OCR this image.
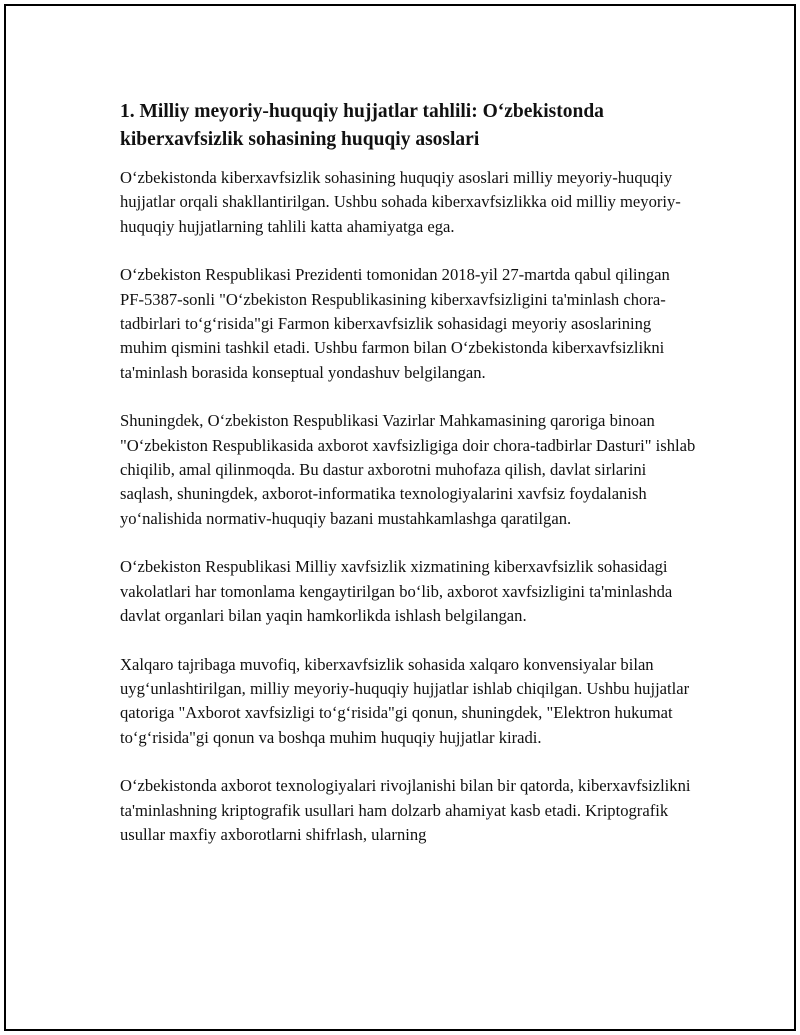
1. Milliy meyoriy-huquqiy hujjatlar tahlili: O‘zbekistonda kiberxavfsizlik sohasining huquqiy asoslari

O‘zbekistonda kiberxavfsizlik sohasining huquqiy asoslari milliy meyoriy-huquqiy hujjatlar orqali shakllantirilgan. Ushbu sohada kiberxavfsizlikka oid milliy meyoriy-huquqiy hujjatlarning tahlili katta ahamiyatga ega.

O‘zbekiston Respublikasi Prezidenti tomonidan 2018-yil 27-martda qabul qilingan PF-5387-sonli "O‘zbekiston Respublikasining kiberxavfsizligini ta'minlash chora-tadbirlari to‘g‘risida"gi Farmon kiberxavfsizlik sohasidagi meyoriy asoslarining muhim qismini tashkil etadi. Ushbu farmon bilan O‘zbekistonda kiberxavfsizlikni ta'minlash borasida konseptual yondashuv belgilangan.

Shuningdek, O‘zbekiston Respublikasi Vazirlar Mahkamasining qaroriga binoan "O‘zbekiston Respublikasida axborot xavfsizligiga doir chora-tadbirlar Dasturi" ishlab chiqilib, amal qilinmoqda. Bu dastur axborotni muhofaza qilish, davlat sirlarini saqlash, shuningdek, axborot-informatika texnologiyalarini xavfsiz foydalanish yo‘nalishida normativ-huquqiy bazani mustahkamlashga qaratilgan.

O‘zbekiston Respublikasi Milliy xavfsizlik xizmatining kiberxavfsizlik sohasidagi vakolatlari har tomonlama kengaytirilgan bo‘lib, axborot xavfsizligini ta'minlashda davlat organlari bilan yaqin hamkorlikda ishlash belgilangan.

Xalqaro tajribaga muvofiq, kiberxavfsizlik sohasida xalqaro konvensiyalar bilan uyg‘unlashtirilgan, milliy meyoriy-huquqiy hujjatlar ishlab chiqilgan. Ushbu hujjatlar qatoriga "Axborot xavfsizligi to‘g‘risida"gi qonun, shuningdek, "Elektron hukumat to‘g‘risida"gi qonun va boshqa muhim huquqiy hujjatlar kiradi.

O‘zbekistonda axborot texnologiyalari rivojlanishi bilan bir qatorda, kiberxavfsizlikni ta'minlashning kriptografik usullari ham dolzarb ahamiyat kasb etadi. Kriptografik usullar maxfiy axborotlarni shifrlash, ularning
